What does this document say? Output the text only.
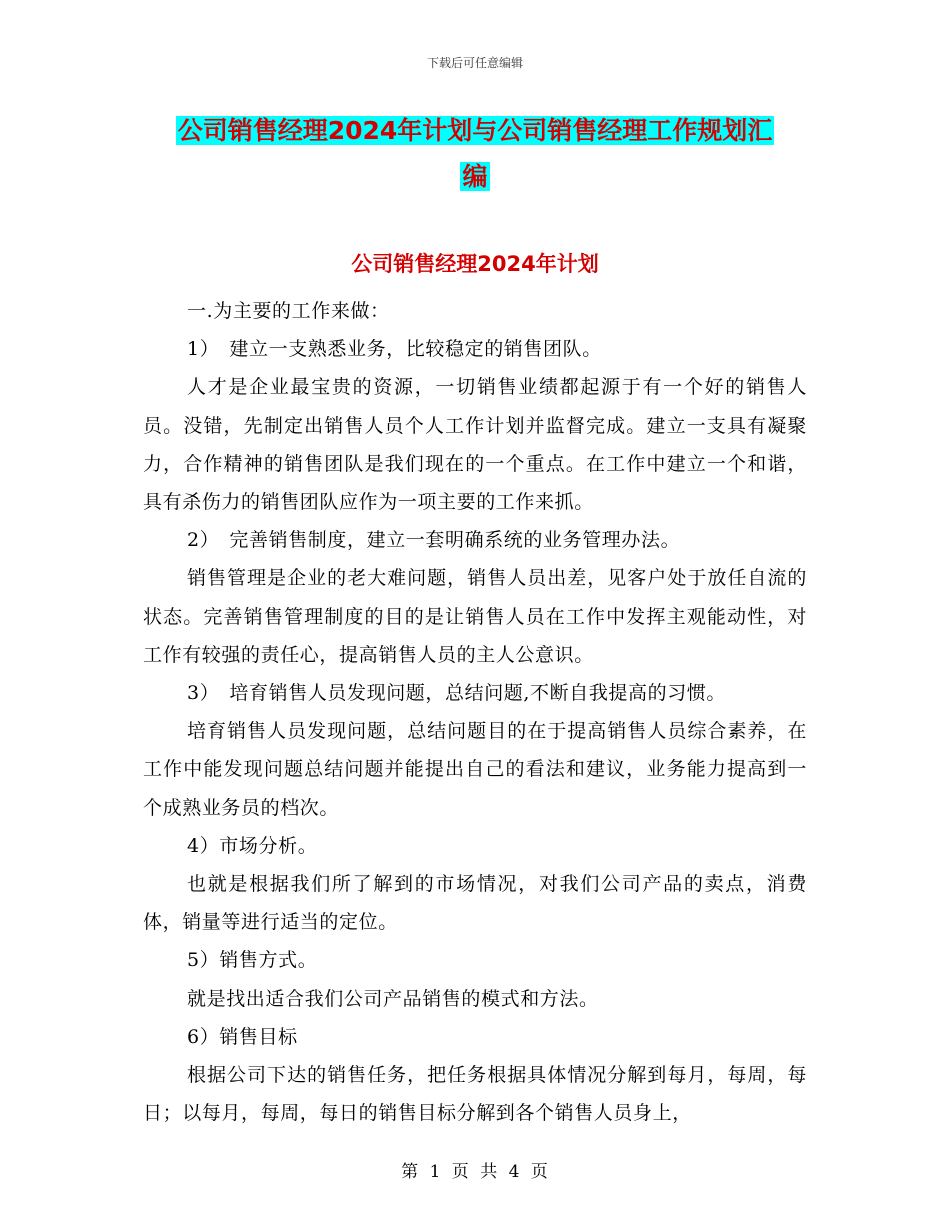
下载后可任意编辑
公司销售经理2024年计划与公司销售经理工作规划汇
编
公司销售经理2024年计划

一.为主要的工作来做：

1）　建立一支熟悉业务，比较稳定的销售团队。

人才是企业最宝贵的资源，一切销售业绩都起源于有一个好的销售人员。没错，先制定出销售人员个人工作计划并监督完成。建立一支具有凝聚力，合作精神的销售团队是我们现在的一个重点。在工作中建立一个和谐，具有杀伤力的销售团队应作为一项主要的工作来抓。

2）　完善销售制度，建立一套明确系统的业务管理办法。

销售管理是企业的老大难问题，销售人员出差，见客户处于放任自流的状态。完善销售管理制度的目的是让销售人员在工作中发挥主观能动性，对工作有较强的责任心，提高销售人员的主人公意识。

3）　培育销售人员发现问题，总结问题,不断自我提高的习惯。

培育销售人员发现问题，总结问题目的在于提高销售人员综合素养，在工作中能发现问题总结问题并能提出自己的看法和建议，业务能力提高到一个成熟业务员的档次。

4）市场分析。

也就是根据我们所了解到的市场情况，对我们公司产品的卖点，消费体，销量等进行适当的定位。

5）销售方式。

就是找出适合我们公司产品销售的模式和方法。

6）销售目标

根据公司下达的销售任务，把任务根据具体情况分解到每月，每周，每日；以每月，每周，每日的销售目标分解到各个销售人员身上，

第 1 页 共 4 页
